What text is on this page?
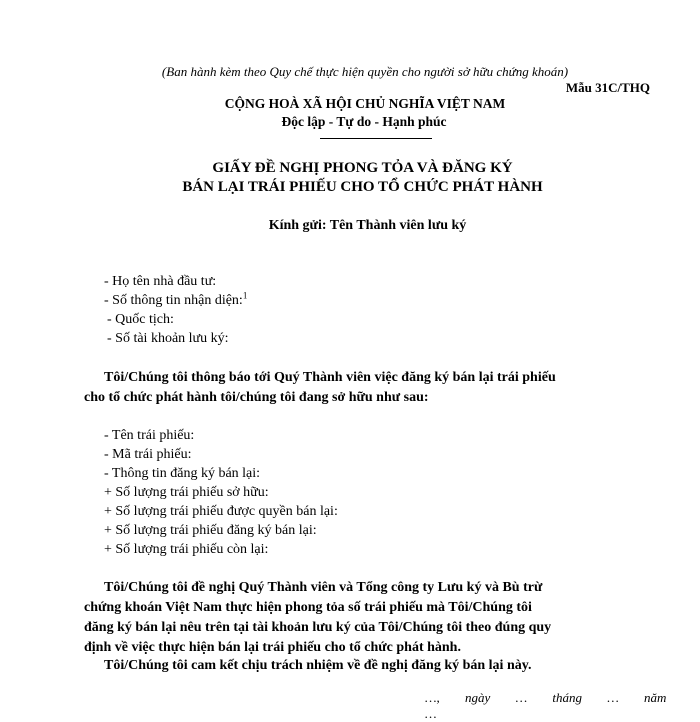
(Ban hành kèm theo Quy chế thực hiện quyền cho người sở hữu chứng khoán)
Mẫu 31C/THQ
CỘNG HOÀ XÃ HỘI CHỦ NGHĨA VIỆT NAM
Độc lập - Tự do - Hạnh phúc
GIẤY ĐỀ NGHỊ PHONG TỎA VÀ ĐĂNG KÝ
BÁN LẠI TRÁI PHIẾU CHO TỔ CHỨC PHÁT HÀNH
Kính gửi: Tên Thành viên lưu ký
- Họ tên nhà đầu tư:
- Số thông tin nhận diện:$^1$
- Quốc tịch:
- Số tài khoản lưu ký:
Tôi/Chúng tôi thông báo tới Quý Thành viên việc đăng ký bán lại trái phiếu
cho tổ chức phát hành tôi/chúng tôi đang sở hữu như sau:
- Tên trái phiếu:
- Mã trái phiếu:
- Thông tin đăng ký bán lại:
+ Số lượng trái phiếu sở hữu:
+ Số lượng trái phiếu được quyền bán lại:
+ Số lượng trái phiếu đăng ký bán lại:
+ Số lượng trái phiếu còn lại:
Tôi/Chúng tôi đề nghị Quý Thành viên và Tổng công ty Lưu ký và Bù trừ
chứng khoán Việt Nam thực hiện phong tỏa số trái phiếu mà Tôi/Chúng tôi
đăng ký bán lại nêu trên tại tài khoản lưu ký của Tôi/Chúng tôi theo đúng quy
định về việc thực hiện bán lại trái phiếu cho tổ chức phát hành.
Tôi/Chúng tôi cam kết chịu trách nhiệm về đề nghị đăng ký bán lại này.
…, ngày … tháng … năm …
